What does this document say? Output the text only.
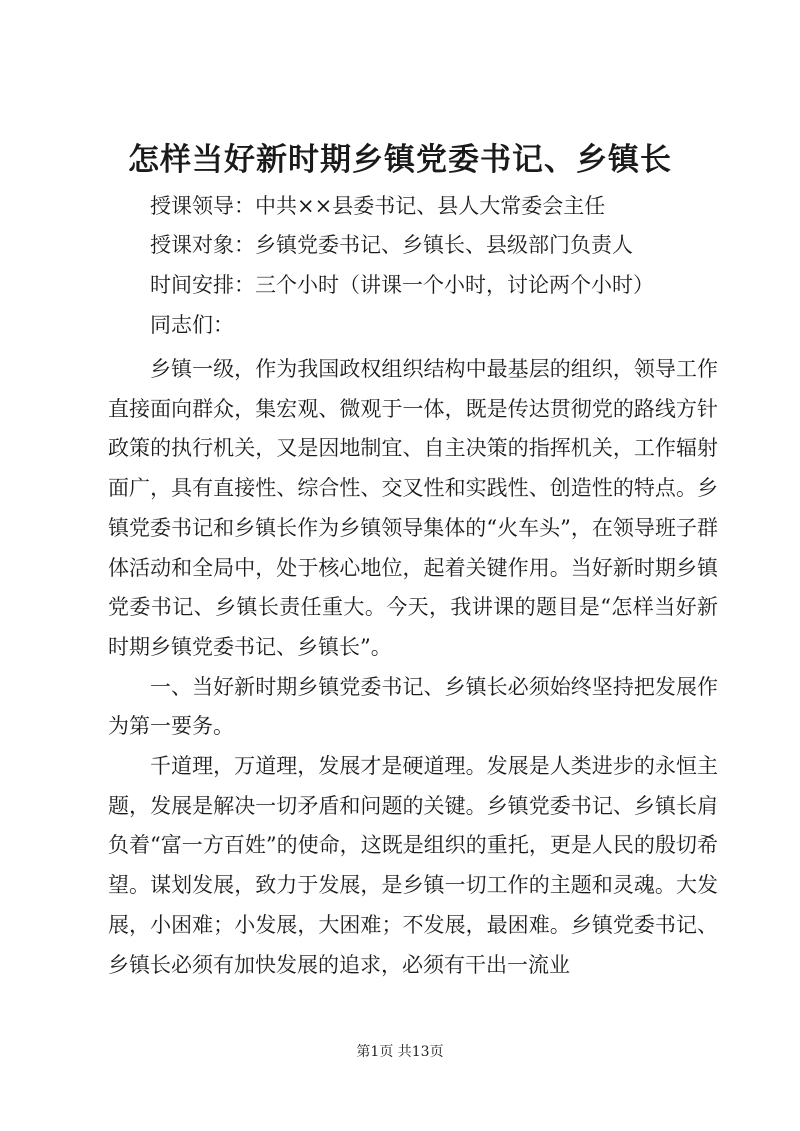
怎样当好新时期乡镇党委书记、乡镇长

授课领导：中共××县委书记、县人大常委会主任

授课对象：乡镇党委书记、乡镇长、县级部门负责人

时间安排：三个小时（讲课一个小时，讨论两个小时）

同志们：

乡镇一级，作为我国政权组织结构中最基层的组织，领导工作直接面向群众，集宏观、微观于一体，既是传达贯彻党的路线方针政策的执行机关，又是因地制宜、自主决策的指挥机关，工作辐射面广，具有直接性、综合性、交叉性和实践性、创造性的特点。乡镇党委书记和乡镇长作为乡镇领导集体的“火车头”，在领导班子群体活动和全局中，处于核心地位，起着关键作用。当好新时期乡镇党委书记、乡镇长责任重大。今天，我讲课的题目是“怎样当好新时期乡镇党委书记、乡镇长”。

一、当好新时期乡镇党委书记、乡镇长必须始终坚持把发展作为第一要务。

千道理，万道理，发展才是硬道理。发展是人类进步的永恒主题，发展是解决一切矛盾和问题的关键。乡镇党委书记、乡镇长肩负着“富一方百姓”的使命，这既是组织的重托，更是人民的殷切希望。谋划发展，致力于发展，是乡镇一切工作的主题和灵魂。大发展，小困难；小发展，大困难；不发展，最困难。乡镇党委书记、乡镇长必须有加快发展的追求，必须有干出一流业

第1页 共13页
